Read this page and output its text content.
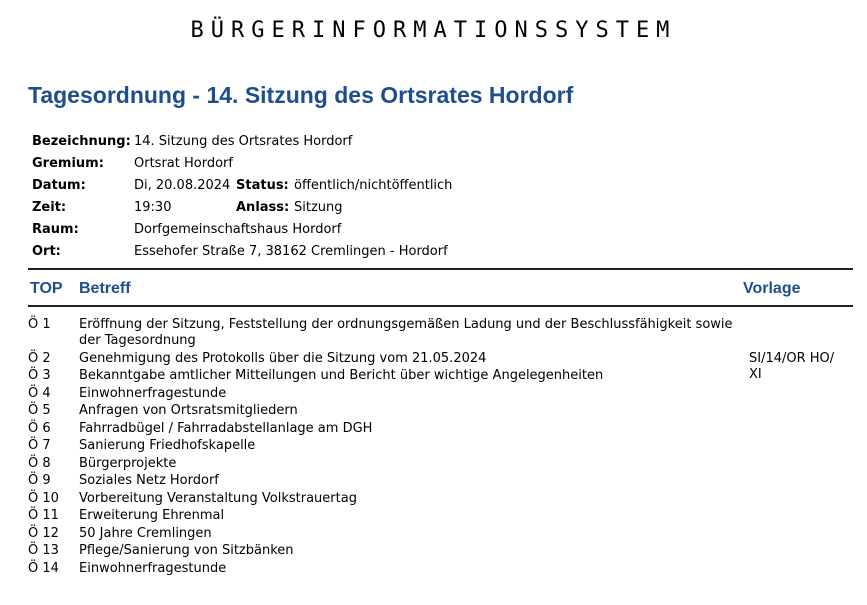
BÜRGERINFORMATIONSSYSTEM
Tagesordnung - 14. Sitzung des Ortsrates Hordorf
Bezeichnung: 14. Sitzung des Ortsrates Hordorf
Gremium: Ortsrat Hordorf
Datum:	Di, 20.08.2024 Status: öffentlich/nichtöffentlich
Zeit:	19:30	Anlass: Sitzung
Raum:	Dorfgemeinschaftshaus Hordorf
Ort:	Essehofer Straße 7, 38162 Cremlingen - Hordorf
TOP Betreff	Vorlage
Ö 1 Eröffnung der Sitzung, Feststellung der ordnungsgemäßen Ladung und der Beschlussfähigkeit sowie der Tagesordnung
Ö 2 Genehmigung des Protokolls über die Sitzung vom 21.05.2024	SI/14/OR HO/ XI
Ö 3 Bekanntgabe amtlicher Mitteilungen und Bericht über wichtige Angelegenheiten
Ö 4 Einwohnerfragestunde
Ö 5 Anfragen von Ortsratsmitgliedern
Ö 6 Fahrradbügel / Fahrradabstellanlage am DGH
Ö 7 Sanierung Friedhofskapelle
Ö 8 Bürgerprojekte
Ö 9 Soziales Netz Hordorf
Ö 10 Vorbereitung Veranstaltung Volkstrauertag
Ö 11 Erweiterung Ehrenmal
Ö 12 50 Jahre Cremlingen
Ö 13 Pflege/Sanierung von Sitzbänken
Ö 14 Einwohnerfragestunde
